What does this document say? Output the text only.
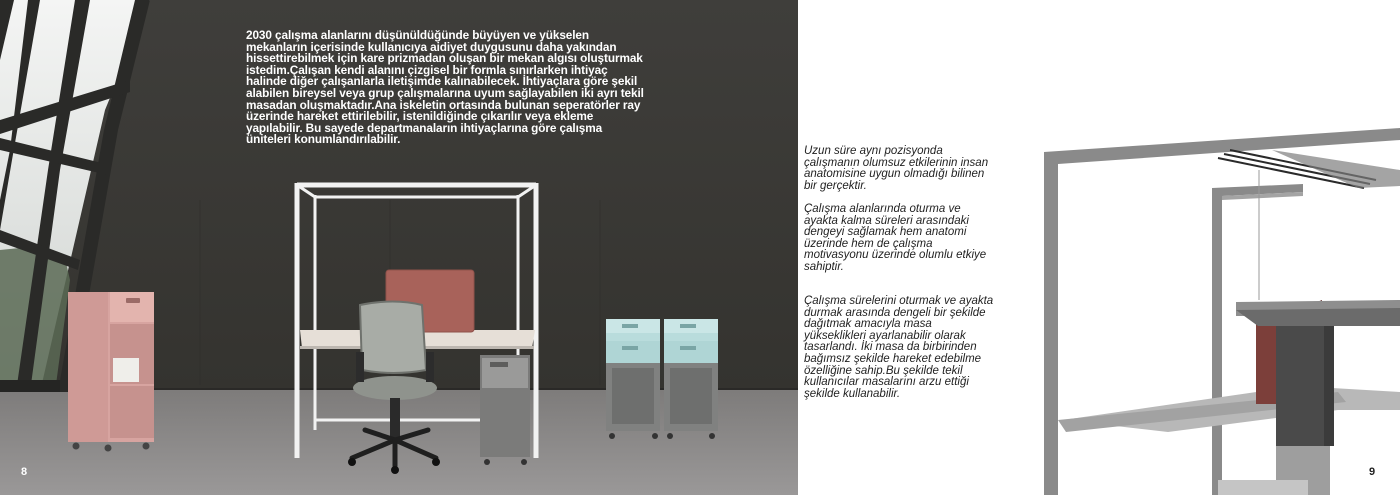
2030 çalışma alanlarını düşünüldüğünde büyüyen ve yükselen mekanların içerisinde kullanıcıya aidiyet duygusunu daha yakından hissettirebilmek için kare prizmadan oluşan bir mekan algısı oluşturmak istedim.Çalışan kendi alanını çizgisel bir formla sınırlarken ihtiyaç halinde diğer çalışanlarla iletişimde kalınabilecek. İhtiyaçlara göre şekil alabilen bireysel veya grup çalışmalarına uyum sağlayabilen iki ayrı tekil masadan oluşmaktadır.Ana iskeletin ortasında bulunan seperatörler ray üzerinde hareket ettirilebilir, istenildiğinde çıkarılır veya ekleme yapılabilir. Bu sayede departmanaların ihtiyaçlarına göre çalışma üniteleri konumlandırılabilir.
8

Uzun süre aynı pozisyonda çalışmanın olumsuz etkilerinin insan anatomisine uygun olmadığı bilinen bir gerçektir.

Çalışma alanlarında oturma ve ayakta kalma süreleri arasındaki dengeyi sağlamak hem anatomi üzerinde hem de çalışma motivasyonu üzerinde olumlu etkiye sahiptir.

Çalışma sürelerini oturmak ve ayakta durmak arasında dengeli bir şekilde dağıtmak amacıyla masa yükseklikleri ayarlanabilir olarak tasarlandı. İki masa da birbirinden bağımsız şekilde hareket edebilme özelliğine sahip.Bu şekilde tekil kullanıcılar masalarını arzu ettiği şekilde kullanabilir.

9
